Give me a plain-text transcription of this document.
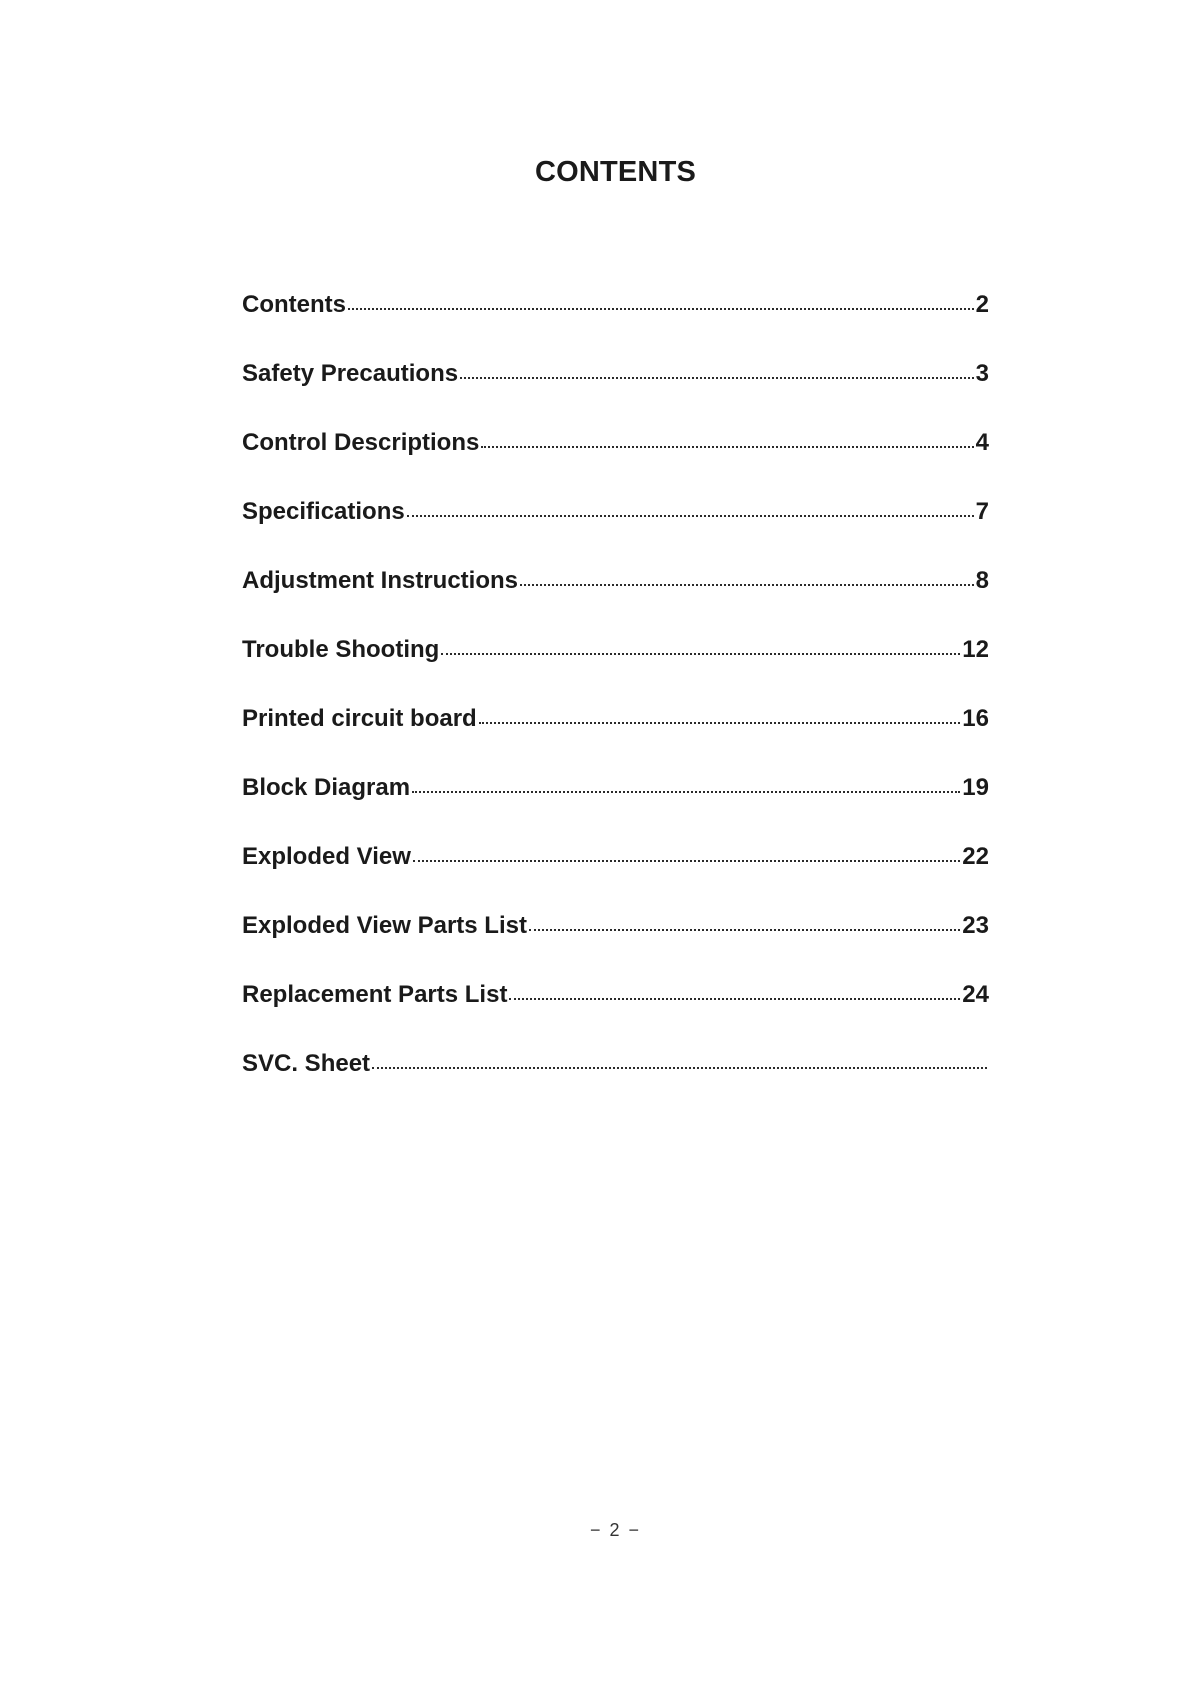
CONTENTS
Contents	2
Safety Precautions	3
Control Descriptions	4
Specifications	7
Adjustment Instructions	8
Trouble Shooting	12
Printed circuit board	16
Block Diagram	19
Exploded View	22
Exploded View Parts List	23
Replacement Parts List	24
SVC. Sheet
− 2 −
